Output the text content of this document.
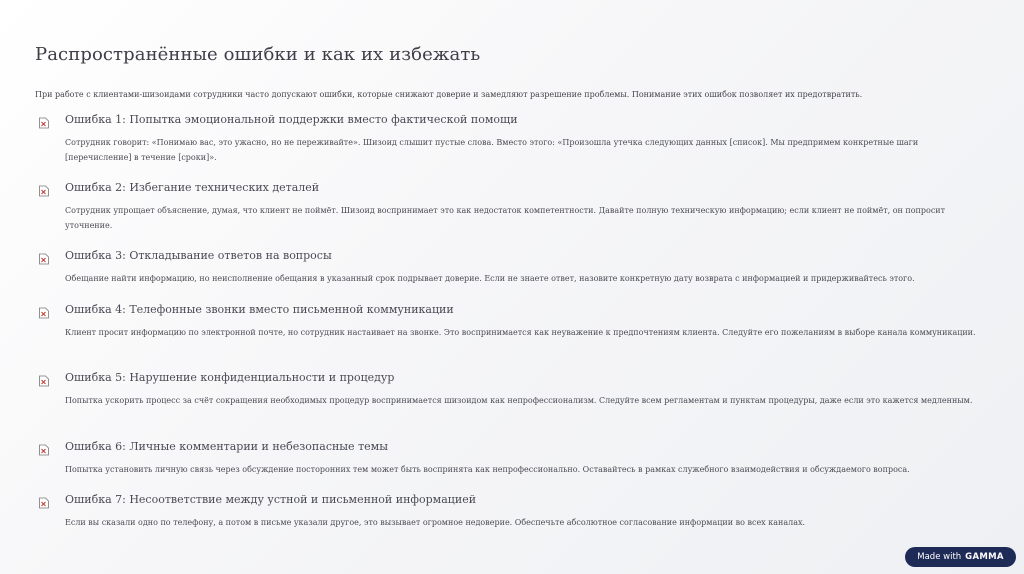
Распространённые ошибки и как их избежать
При работе с клиентами-шизоидами сотрудники часто допускают ошибки, которые снижают доверие и замедляют разрешение проблемы. Понимание этих ошибок позволяет их предотвратить.
Ошибка 1: Попытка эмоциональной поддержки вместо фактической помощи
Сотрудник говорит: «Понимаю вас, это ужасно, но не переживайте». Шизоид слышит пустые слова. Вместо этого: «Произошла утечка следующих данных [список]. Мы предпримем конкретные шаги [перечисление] в течение [сроки]».
Ошибка 2: Избегание технических деталей
Сотрудник упрощает объяснение, думая, что клиент не поймёт. Шизоид воспринимает это как недостаток компетентности. Давайте полную техническую информацию; если клиент не поймёт, он попросит уточнение.
Ошибка 3: Откладывание ответов на вопросы
Обещание найти информацию, но неисполнение обещания в указанный срок подрывает доверие. Если не знаете ответ, назовите конкретную дату возврата с информацией и придерживайтесь этого.
Ошибка 4: Телефонные звонки вместо письменной коммуникации
Клиент просит информацию по электронной почте, но сотрудник настаивает на звонке. Это воспринимается как неуважение к предпочтениям клиента. Следуйте его пожеланиям в выборе канала коммуникации.
Ошибка 5: Нарушение конфиденциальности и процедур
Попытка ускорить процесс за счёт сокращения необходимых процедур воспринимается шизоидом как непрофессионализм. Следуйте всем регламентам и пунктам процедуры, даже если это кажется медленным.
Ошибка 6: Личные комментарии и небезопасные темы
Попытка установить личную связь через обсуждение посторонних тем может быть воспринята как непрофессионально. Оставайтесь в рамках служебного взаимодействия и обсуждаемого вопроса.
Ошибка 7: Несоответствие между устной и письменной информацией
Если вы сказали одно по телефону, а потом в письме указали другое, это вызывает огромное недоверие. Обеспечьте абсолютное согласование информации во всех каналах.
Made with GAMMA
